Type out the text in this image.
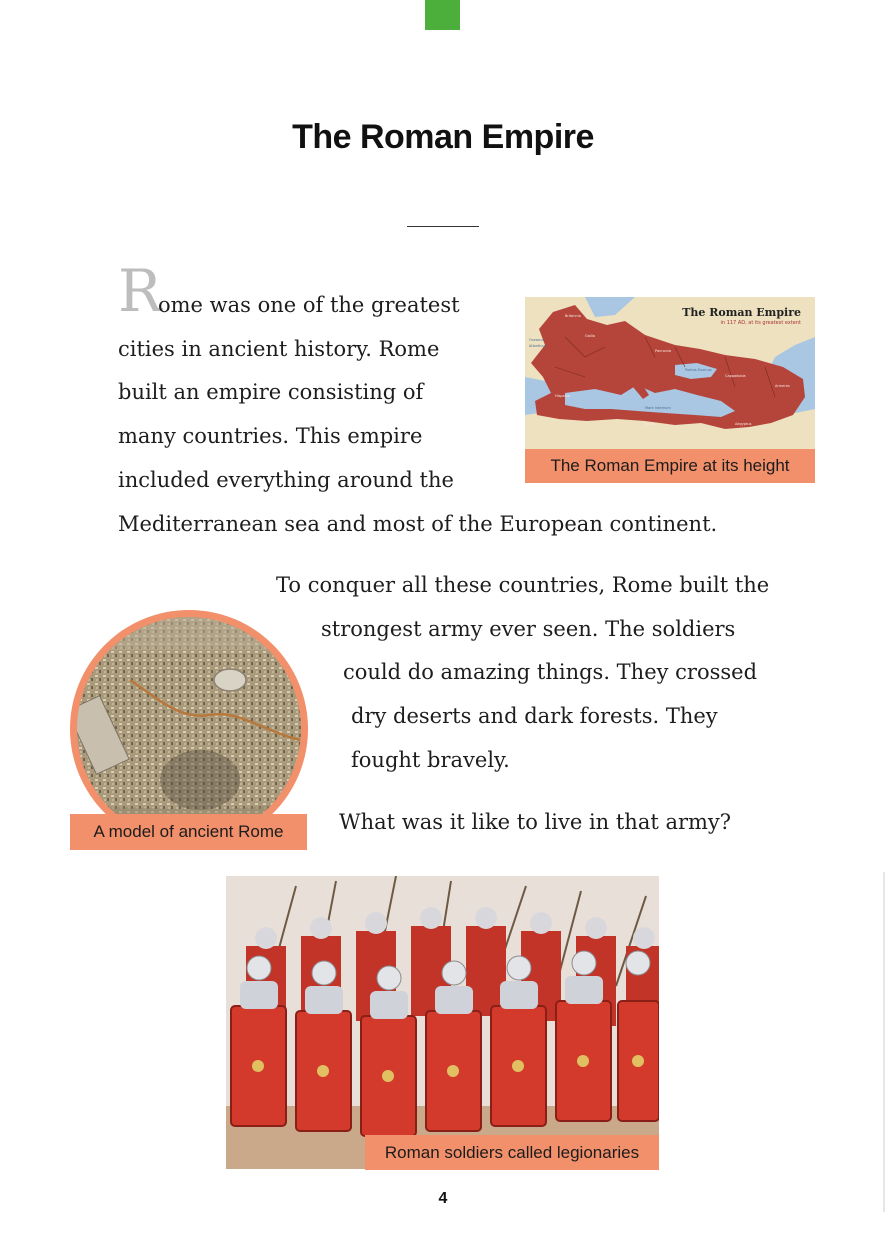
The Roman Empire
R
ome was one of the greatest
cities in ancient history. Rome
built an empire consisting of
many countries. This empire
included everything around the
Mediterranean sea and most of the European continent.
Britannia
Gallia
Pannonia
Cappadocia
Armenia
Hispania
Africa	Aegyptus
Oceanus
Atlanticus
Pontus Euxinus
Mare Internum
The Roman Empire
in 117 AD, at its greatest extent
The Roman Empire at its height
To conquer all these countries, Rome built the
strongest army ever seen. The soldiers
could do amazing things. They crossed
dry deserts and dark forests. They
fought bravely.
What was it like to live in that army?
A model of ancient Rome
Roman soldiers called legionaries
4
